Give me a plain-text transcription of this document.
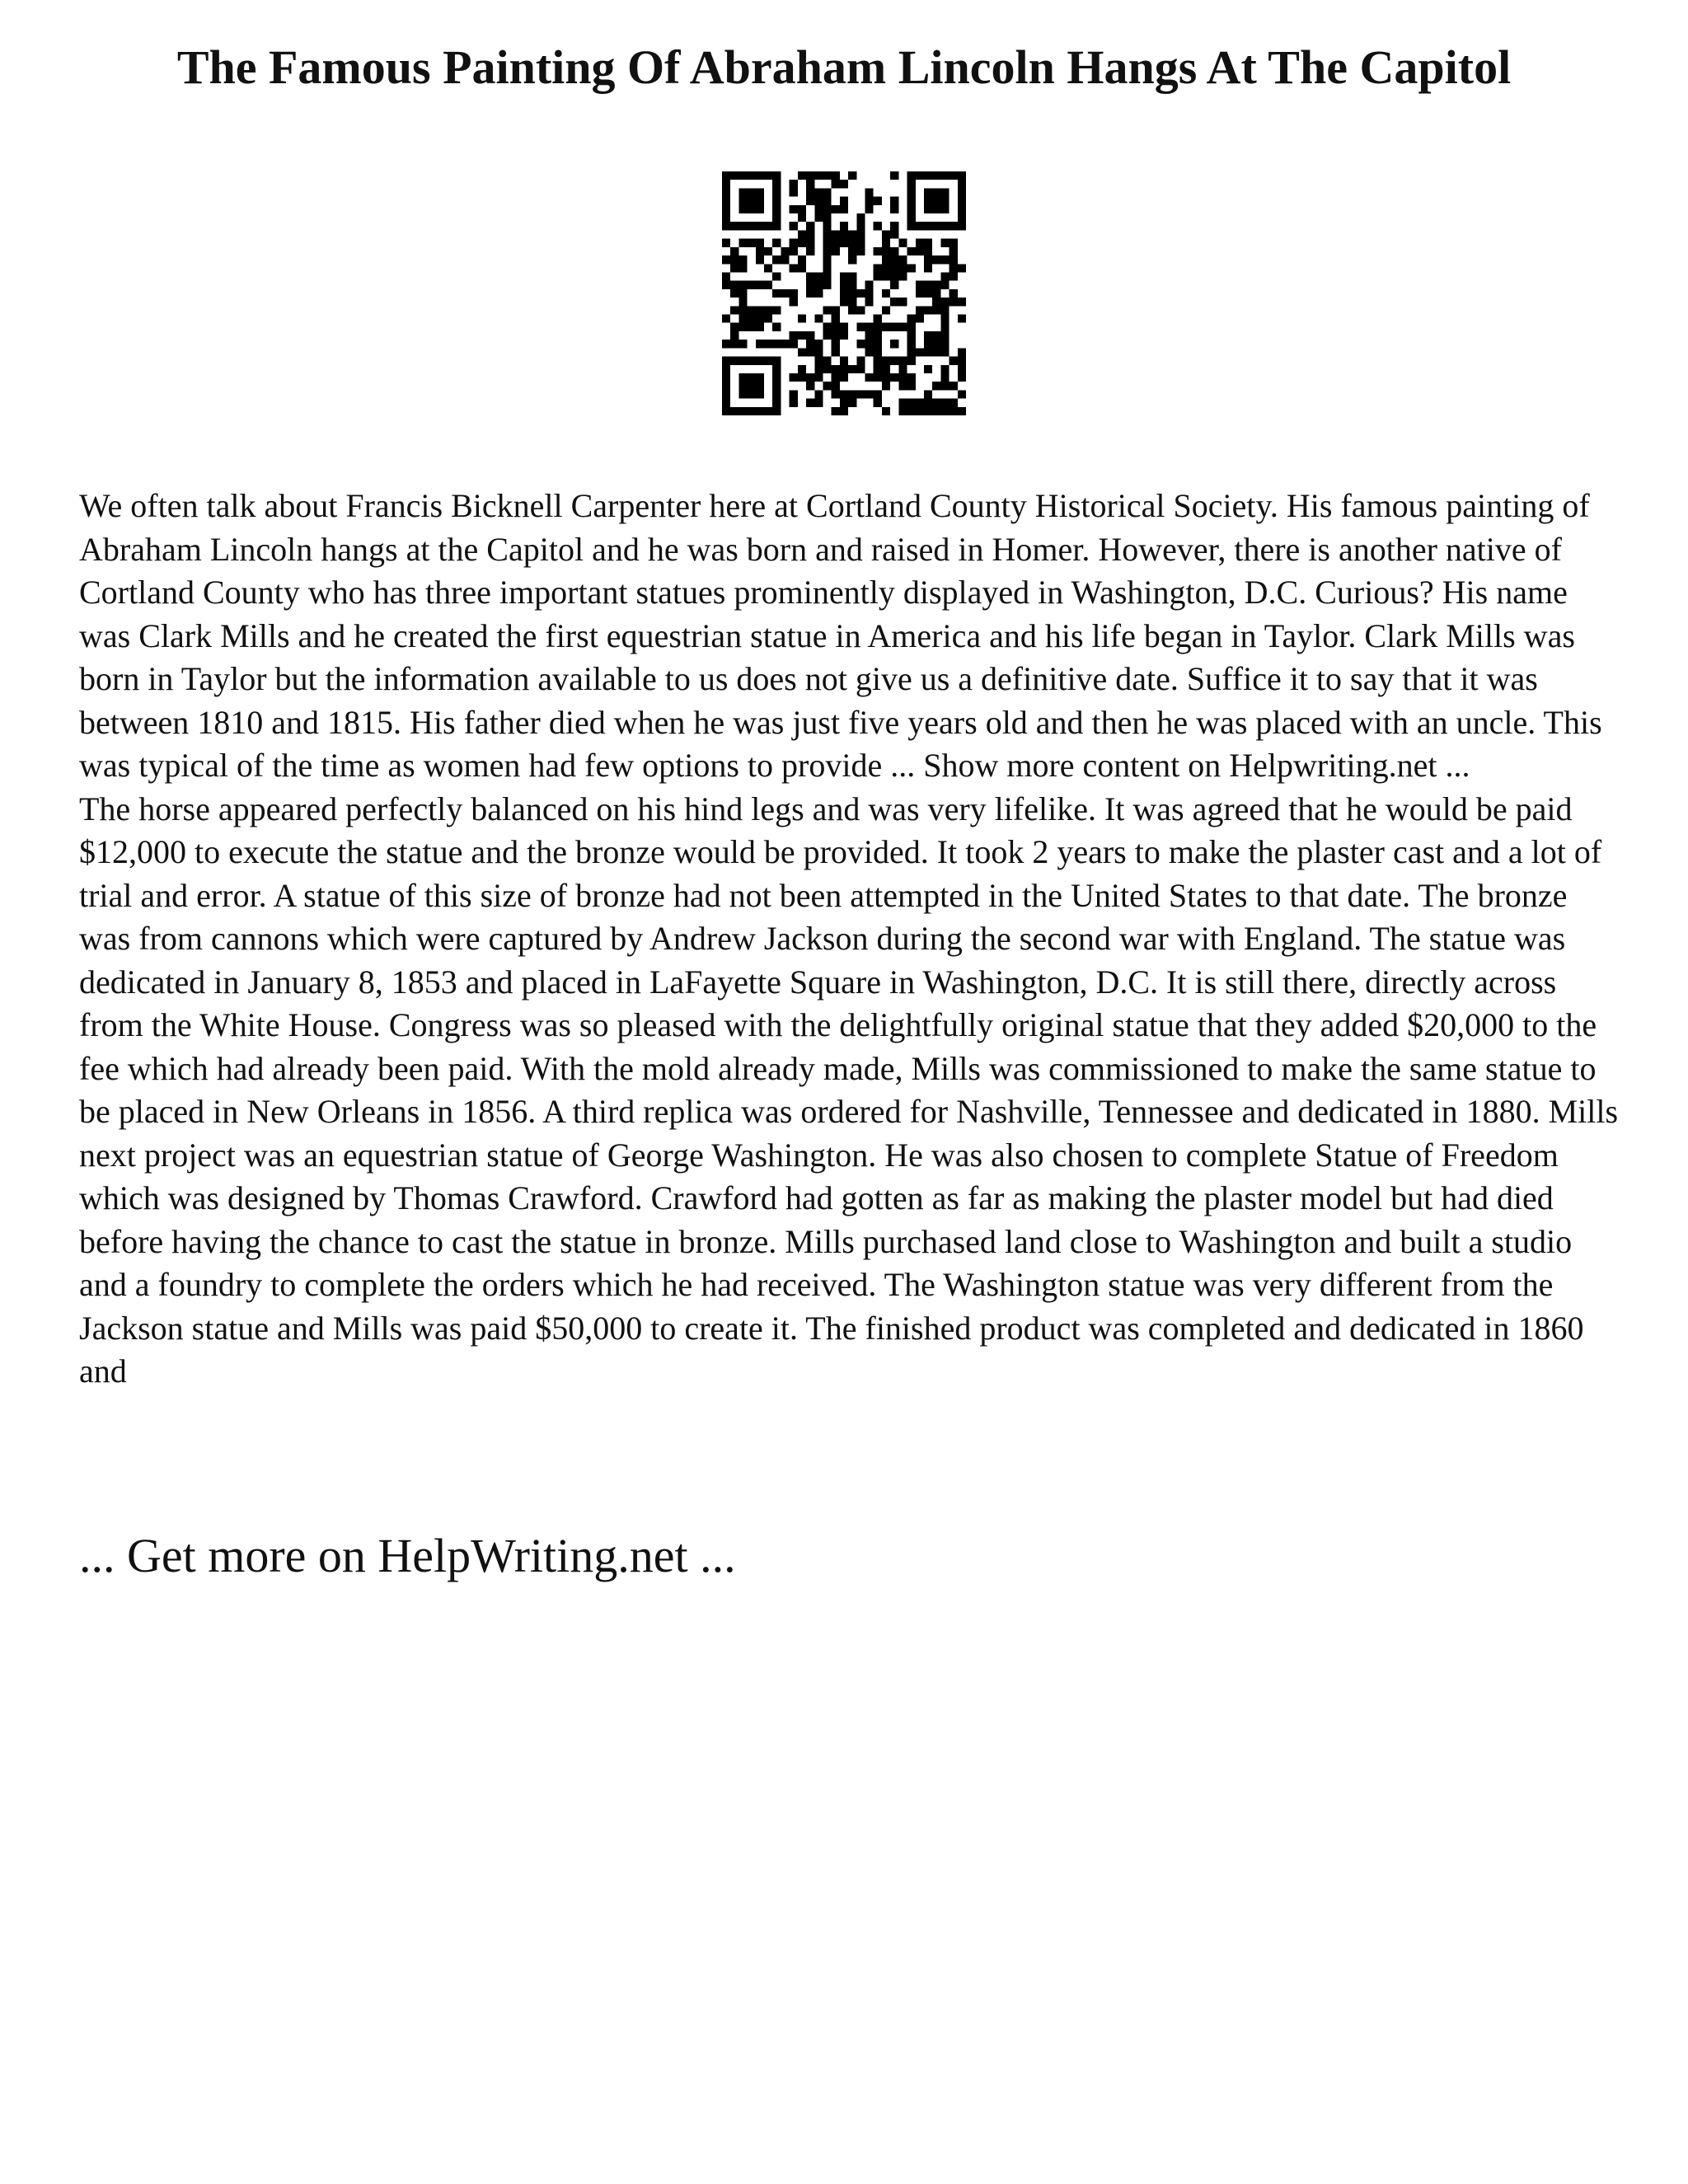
The Famous Painting Of Abraham Lincoln Hangs At The Capitol

We often talk about Francis Bicknell Carpenter here at Cortland County Historical Society. His famous painting of Abraham Lincoln hangs at the Capitol and he was born and raised in Homer. However, there is another native of Cortland County who has three important statues prominently displayed in Washington, D.C. Curious? His name was Clark Mills and he created the first equestrian statue in America and his life began in Taylor. Clark Mills was born in Taylor but the information available to us does not give us a definitive date. Suffice it to say that it was between 1810 and 1815. His father died when he was just five years old and then he was placed with an uncle. This was typical of the time as women had few options to provide ... Show more content on Helpwriting.net ...

The horse appeared perfectly balanced on his hind legs and was very lifelike. It was agreed that he would be paid $12,000 to execute the statue and the bronze would be provided. It took 2 years to make the plaster cast and a lot of trial and error. A statue of this size of bronze had not been attempted in the United States to that date. The bronze was from cannons which were captured by Andrew Jackson during the second war with England. The statue was dedicated in January 8, 1853 and placed in LaFayette Square in Washington, D.C. It is still there, directly across from the White House. Congress was so pleased with the delightfully original statue that they added $20,000 to the fee which had already been paid. With the mold already made, Mills was commissioned to make the same statue to be placed in New Orleans in 1856. A third replica was ordered for Nashville, Tennessee and dedicated in 1880. Mills next project was an equestrian statue of George Washington. He was also chosen to complete Statue of Freedom which was designed by Thomas Crawford. Crawford had gotten as far as making the plaster model but had died before having the chance to cast the statue in bronze. Mills purchased land close to Washington and built a studio and a foundry to complete the orders which he had received. The Washington statue was very different from the Jackson statue and Mills was paid $50,000 to create it. The finished product was completed and dedicated in 1860 and

... Get more on HelpWriting.net ...
